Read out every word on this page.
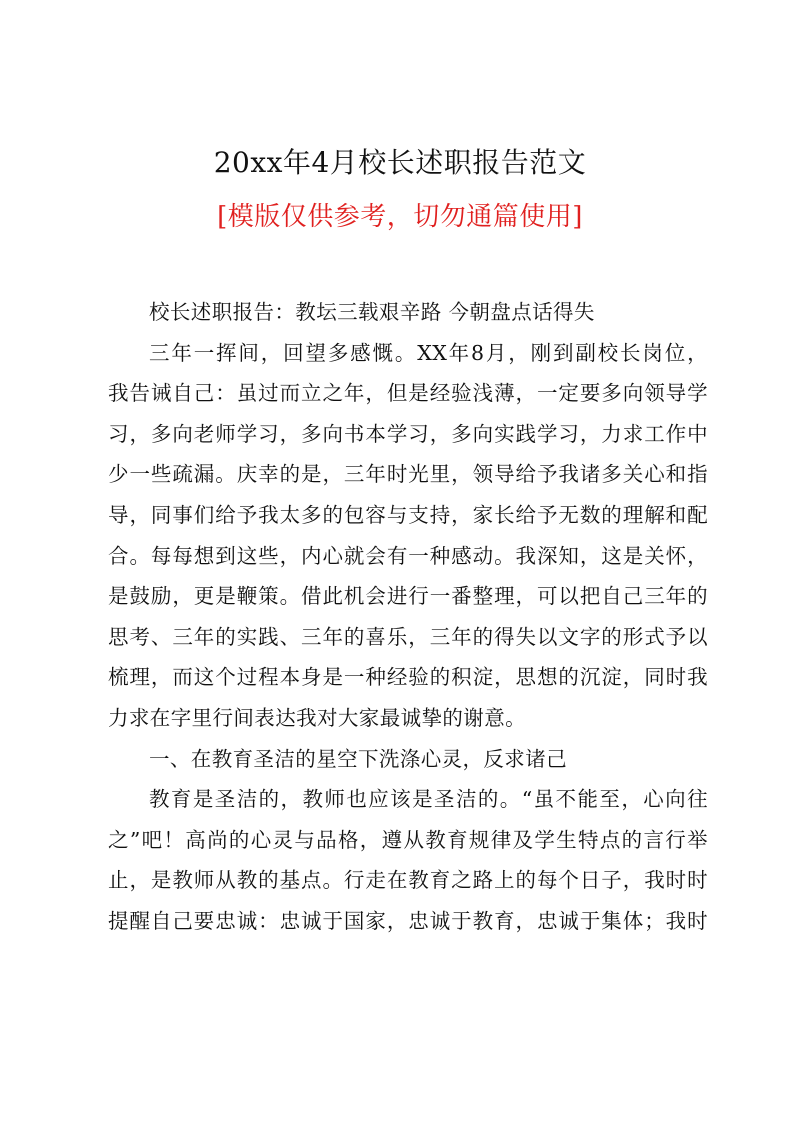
20xx年4月校长述职报告范文
[模版仅供参考，切勿通篇使用]
校长述职报告：教坛三载艰辛路 今朝盘点话得失
三年一挥间，回望多感慨。XX年8月，刚到副校长岗位，
我告诫自己：虽过而立之年，但是经验浅薄，一定要多向领导学
习，多向老师学习，多向书本学习，多向实践学习，力求工作中
少一些疏漏。庆幸的是，三年时光里，领导给予我诸多关心和指
导，同事们给予我太多的包容与支持，家长给予无数的理解和配
合。每每想到这些，内心就会有一种感动。我深知，这是关怀，
是鼓励，更是鞭策。借此机会进行一番整理，可以把自己三年的
思考、三年的实践、三年的喜乐，三年的得失以文字的形式予以
梳理，而这个过程本身是一种经验的积淀，思想的沉淀，同时我
力求在字里行间表达我对大家最诚挚的谢意。
一、在教育圣洁的星空下洗涤心灵，反求诸己
教育是圣洁的，教师也应该是圣洁的。“虽不能至，心向往
之”吧！高尚的心灵与品格，遵从教育规律及学生特点的言行举
止，是教师从教的基点。行走在教育之路上的每个日子，我时时
提醒自己要忠诚：忠诚于国家，忠诚于教育，忠诚于集体；我时
